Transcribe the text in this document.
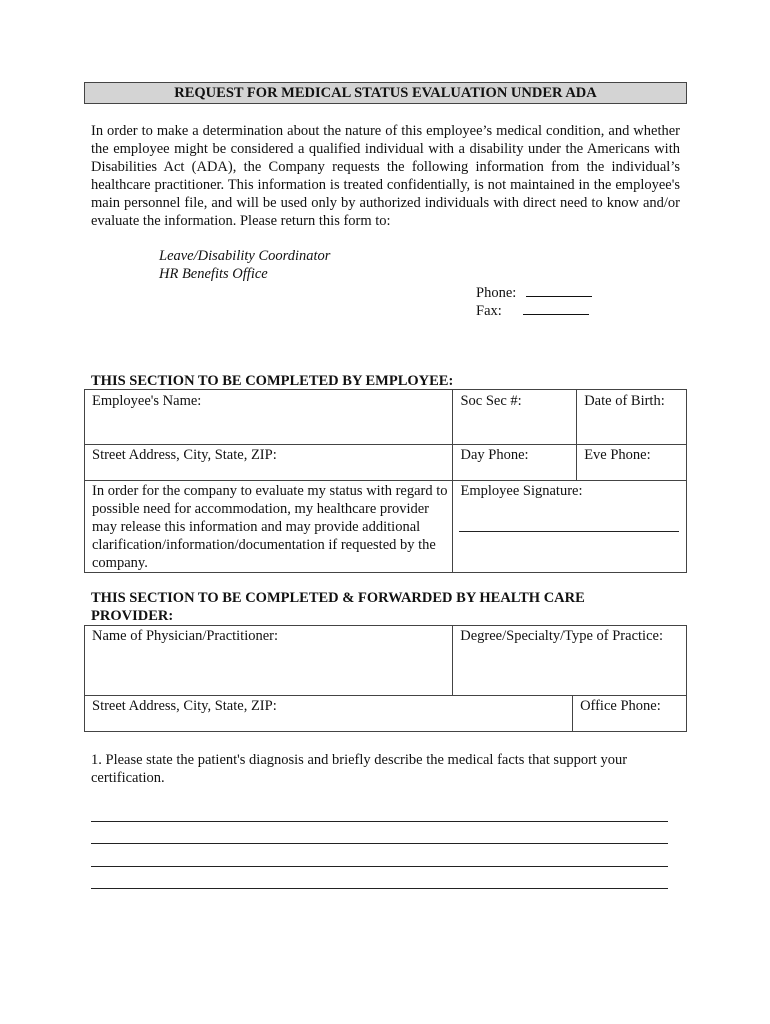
REQUEST FOR MEDICAL STATUS EVALUATION UNDER ADA
In order to make a determination about the nature of this employee’s medical condition, and whether the employee might be considered a qualified individual with a disability under the Americans with Disabilities Act (ADA), the Company requests the following information from the individual’s healthcare practitioner. This information is treated confidentially, is not maintained in the employee's main personnel file, and will be used only by authorized individuals with direct need to know and/or evaluate the information. Please return this form to:
Leave/Disability Coordinator
HR Benefits Office
Phone:
Fax:
THIS SECTION TO BE COMPLETED BY EMPLOYEE:
Employee's Name:	Soc Sec #:	Date of Birth:
Street Address, City, State, ZIP:	Day Phone:	Eve Phone:
In order for the company to evaluate my status with regard to possible need for accommodation, my healthcare provider may release this information and may provide additional clarification/information/documentation if requested by the company.	Employee Signature:	
THIS SECTION TO BE COMPLETED & FORWARDED BY HEALTH CARE PROVIDER:
Name of Physician/Practitioner:	Degree/Specialty/Type of Practice:	
Street Address, City, State, ZIP:		Office Phone:
1. Please state the patient's diagnosis and briefly describe the medical facts that support your certification.
